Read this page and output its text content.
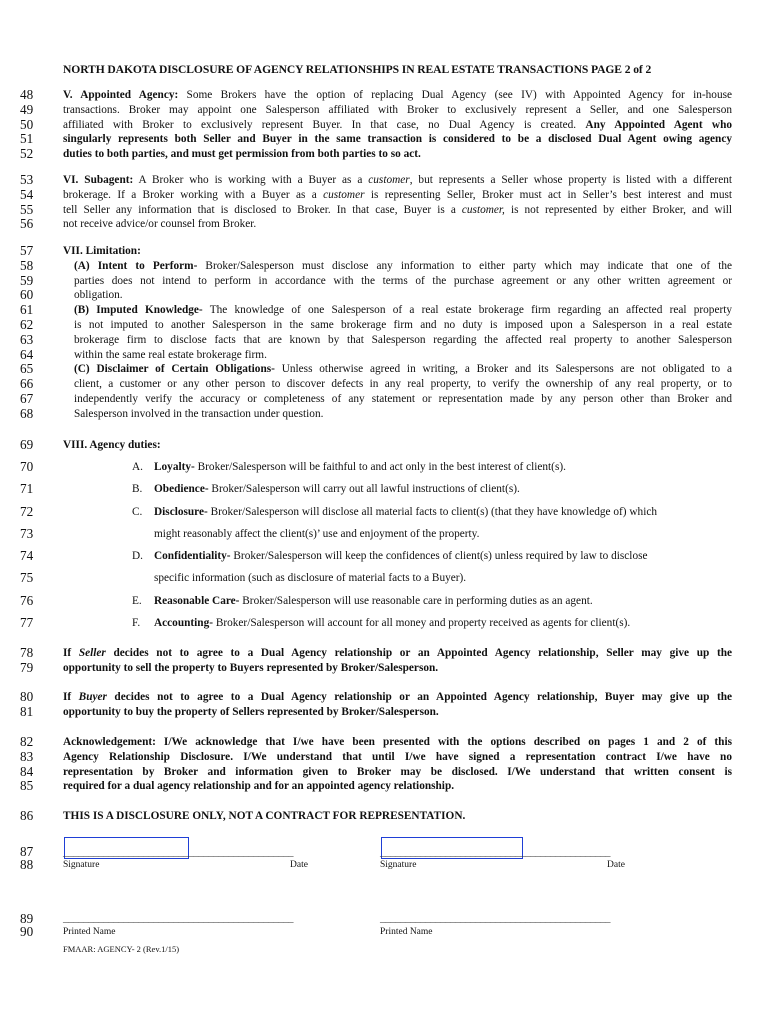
NORTH DAKOTA DISCLOSURE OF AGENCY RELATIONSHIPS IN REAL ESTATE TRANSACTIONS PAGE 2 of 2
48	V. Appointed Agency: Some Brokers have the option of replacing Dual Agency (see IV) with Appointed Agency for in-house
49	transactions. Broker may appoint one Salesperson affiliated with Broker to exclusively represent a Seller, and one Salesperson
50	affiliated with Broker to exclusively represent Buyer. In that case, no Dual Agency is created. Any Appointed Agent who
51	singularly represents both Seller and Buyer in the same transaction is considered to be a disclosed Dual Agent owing agency
52	duties to both parties, and must get permission from both parties to so act.
53	VI. Subagent: A Broker who is working with a Buyer as a customer, but represents a Seller whose property is listed with a different
54	brokerage. If a Broker working with a Buyer as a customer is representing Seller, Broker must act in Seller’s best interest and must
55	tell Seller any information that is disclosed to Broker. In that case, Buyer is a customer, is not represented by either Broker, and will
56	not receive advice/or counsel from Broker.
57	VII. Limitation:
58	(A) Intent to Perform- Broker/Salesperson must disclose any information to either party which may indicate that one of the
59	parties does not intend to perform in accordance with the terms of the purchase agreement or any other written agreement or
60	obligation.
61	(B) Imputed Knowledge- The knowledge of one Salesperson of a real estate brokerage firm regarding an affected real property
62	is not imputed to another Salesperson in the same brokerage firm and no duty is imposed upon a Salesperson in a real estate
63	brokerage firm to disclose facts that are known by that Salesperson regarding the affected real property to another Salesperson
64	within the same real estate brokerage firm.
65	(C) Disclaimer of Certain Obligations- Unless otherwise agreed in writing, a Broker and its Salespersons are not obligated to a
66	client, a customer or any other person to discover defects in any real property, to verify the ownership of any real property, or to
67	independently verify the accuracy or completeness of any statement or representation made by any person other than Broker and
68	Salesperson involved in the transaction under question.
69	VIII. Agency duties:
70	A. Loyalty- Broker/Salesperson will be faithful to and act only in the best interest of client(s).
71	B. Obedience- Broker/Salesperson will carry out all lawful instructions of client(s).
72	C. Disclosure- Broker/Salesperson will disclose all material facts to client(s) (that they have knowledge of) which
73	might reasonably affect the client(s)’ use and enjoyment of the property.
74	D. Confidentiality- Broker/Salesperson will keep the confidences of client(s) unless required by law to disclose
75	specific information (such as disclosure of material facts to a Buyer).
76	E. Reasonable Care- Broker/Salesperson will use reasonable care in performing duties as an agent.
77	F. Accounting- Broker/Salesperson will account for all money and property received as agents for client(s).
78	If Seller decides not to agree to a Dual Agency relationship or an Appointed Agency relationship, Seller may give up the
79	opportunity to sell the property to Buyers represented by Broker/Salesperson.
80	If Buyer decides not to agree to a Dual Agency relationship or an Appointed Agency relationship, Buyer may give up the
81	opportunity to buy the property of Sellers represented by Broker/Salesperson.
82	Acknowledgement: I/We acknowledge that I/we have been presented with the options described on pages 1 and 2 of this
83	Agency Relationship Disclosure. I/We understand that until I/we have signed a representation contract I/we have no
84	representation by Broker and information given to Broker may be disclosed. I/We understand that written consent is
85	required for a dual agency relationship and for an appointed agency relationship.
86	THIS IS A DISCLOSURE ONLY, NOT A CONTRACT FOR REPRESENTATION.
87
88
______________________________________________	______________________________________________
Signature	Date	Signature	Date
89
90
______________________________________________	______________________________________________
Printed Name	Printed Name
FMAAR: AGENCY- 2 (Rev.1/15)
